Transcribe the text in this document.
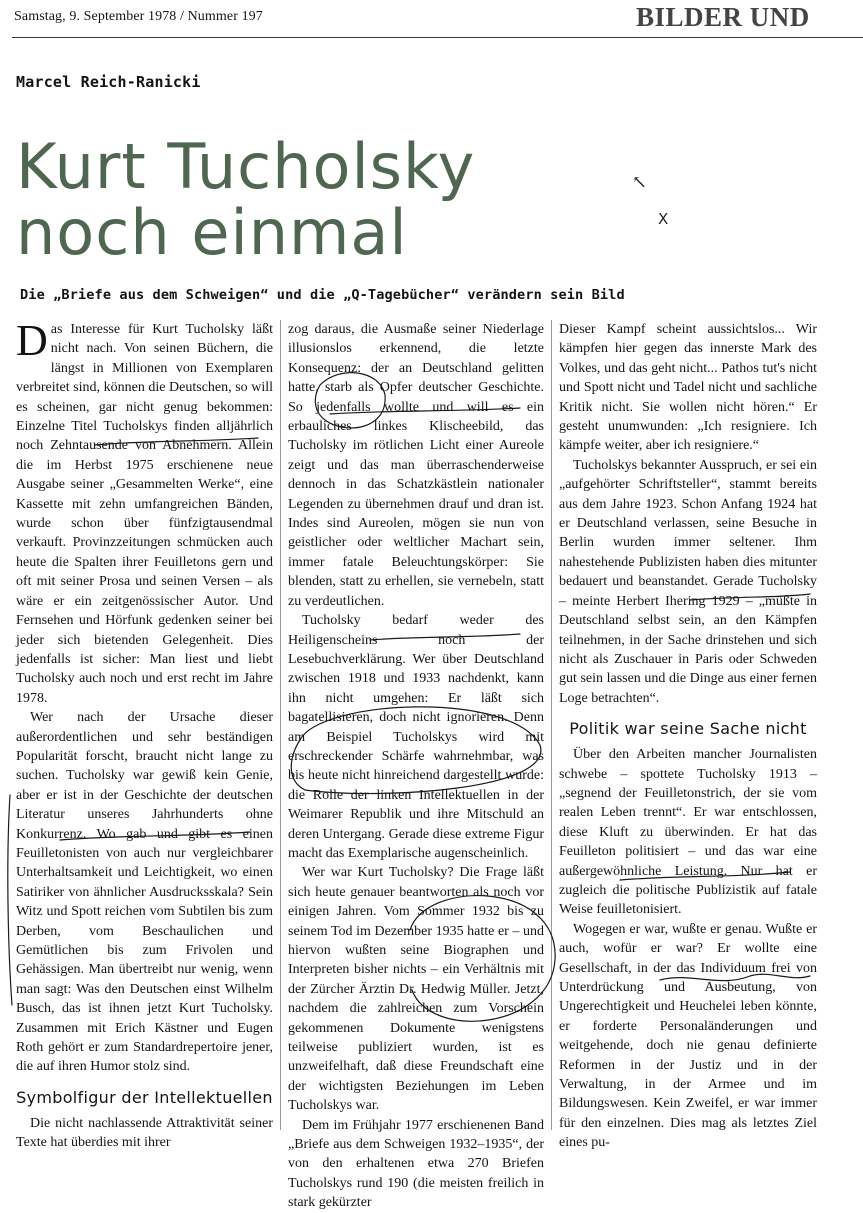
Samstag, 9. September 1978 / Nummer 197	BILDER UND
Marcel Reich-Ranicki
Kurt Tucholsky
noch einmal
Die „Briefe aus dem Schweigen“ und die „Q-Tagebücher“ verändern sein Bild

Das Interesse für Kurt Tucholsky läßt nicht nach. Von seinen Büchern, die längst in Millionen von Exemplaren verbreitet sind, können die Deutschen, so will es scheinen, gar nicht genug bekommen: Einzelne Titel Tucholskys finden alljährlich noch Zehntausende von Abnehmern. Allein die im Herbst 1975 erschienene neue Ausgabe seiner „Gesammelten Werke“, eine Kassette mit zehn umfangreichen Bänden, wurde schon über fünfzigtausendmal verkauft. Provinzzeitungen schmücken auch heute die Spalten ihrer Feuilletons gern und oft mit seiner Prosa und seinen Versen – als wäre er ein zeitgenössischer Autor. Und Fernsehen und Hörfunk gedenken seiner bei jeder sich bietenden Gelegenheit. Dies jedenfalls ist sicher: Man liest und liebt Tucholsky auch noch und erst recht im Jahre 1978.

Wer nach der Ursache dieser außerordentlichen und sehr beständigen Popularität forscht, braucht nicht lange zu suchen. Tucholsky war gewiß kein Genie, aber er ist in der Geschichte der deutschen Literatur unseres Jahrhunderts ohne Konkurrenz. Wo gab und gibt es einen Feuilletonisten von auch nur vergleichbarer Unterhaltsamkeit und Leichtigkeit, wo einen Satiriker von ähnlicher Ausdrucksskala? Sein Witz und Spott reichen vom Subtilen bis zum Derben, vom Beschaulichen und Gemütlichen bis zum Frivolen und Gehässigen. Man übertreibt nur wenig, wenn man sagt: Was den Deutschen einst Wilhelm Busch, das ist ihnen jetzt Kurt Tucholsky. Zusammen mit Erich Kästner und Eugen Roth gehört er zum Standardrepertoire jener, die auf ihren Humor stolz sind.

Symbolfigur der Intellektuellen

Die nicht nachlassende Attraktivität seiner Texte hat überdies mit ihrer

zog daraus, die Ausmaße seiner Niederlage illusionslos erkennend, die letzte Konsequenz: der an Deutschland gelitten hatte, starb als Opfer deutscher Geschichte. So jedenfalls wollte und will es ein erbauliches linkes Klischeebild, das Tucholsky im rötlichen Licht einer Aureole zeigt und das man überraschenderweise dennoch in das Schatzkästlein nationaler Legenden zu übernehmen drauf und dran ist. Indes sind Aureolen, mögen sie nun von geistlicher oder weltlicher Machart sein, immer fatale Beleuchtungskörper: Sie blenden, statt zu erhellen, sie vernebeln, statt zu verdeutlichen.

Tucholsky bedarf weder des Heiligenscheins noch der Lesebuchverklärung. Wer über Deutschland zwischen 1918 und 1933 nachdenkt, kann ihn nicht umgehen: Er läßt sich bagatellisieren, doch nicht ignorieren. Denn am Beispiel Tucholskys wird mit erschreckender Schärfe wahrnehmbar, was bis heute nicht hinreichend dargestellt wurde: die Rolle der linken Intellektuellen in der Weimarer Republik und ihre Mitschuld an deren Untergang. Gerade diese extreme Figur macht das Exemplarische augenscheinlich.

Wer war Kurt Tucholsky? Die Frage läßt sich heute genauer beantworten als noch vor einigen Jahren. Vom Sommer 1932 bis zu seinem Tod im Dezember 1935 hatte er – und hiervon wußten seine Biographen und Interpreten bisher nichts – ein Verhältnis mit der Zürcher Ärztin Dr. Hedwig Müller. Jetzt, nachdem die zahlreichen zum Vorschein gekommenen Dokumente wenigstens teilweise publiziert wurden, ist es unzweifelhaft, daß diese Freundschaft eine der wichtigsten Beziehungen im Leben Tucholskys war.

Dem im Frühjahr 1977 erschienenen Band „Briefe aus dem Schweigen 1932–1935“, der von den erhaltenen etwa 270 Briefen Tucholskys rund 190 (die meisten freilich in stark gekürzter

Dieser Kampf scheint aussichtslos... Wir kämpfen hier gegen das innerste Mark des Volkes, und das geht nicht... Pathos tut's nicht und Spott nicht und Tadel nicht und sachliche Kritik nicht. Sie wollen nicht hören.“ Er gesteht unumwunden: „Ich resigniere. Ich kämpfe weiter, aber ich resigniere.“

Tucholskys bekannter Ausspruch, er sei ein „aufgehörter Schriftsteller“, stammt bereits aus dem Jahre 1923. Schon Anfang 1924 hat er Deutschland verlassen, seine Besuche in Berlin wurden immer seltener. Ihm nahestehende Publizisten haben dies mitunter bedauert und beanstandet. Gerade Tucholsky – meinte Herbert Ihering 1929 – „müßte in Deutschland selbst sein, an den Kämpfen teilnehmen, in der Sache drinstehen und sich nicht als Zuschauer in Paris oder Schweden gut sein lassen und die Dinge aus einer fernen Loge betrachten“.

Politik war seine Sache nicht

Über den Arbeiten mancher Journalisten schwebe – spottete Tucholsky 1913 – „segnend der Feuilletonstrich, der sie vom realen Leben trennt“. Er war entschlossen, diese Kluft zu überwinden. Er hat das Feuilleton politisiert – und das war eine außergewöhnliche Leistung. Nur hat er zugleich die politische Publizistik auf fatale Weise feuilletonisiert.

Wogegen er war, wußte er genau. Wußte er auch, wofür er war? Er wollte eine Gesellschaft, in der das Individuum frei von Unterdrückung und Ausbeutung, von Ungerechtigkeit und Heuchelei leben könnte, er forderte Personaländerungen und weitgehende, doch nie genau definierte Reformen in der Justiz und in der Verwaltung, in der Armee und im Bildungswesen. Kein Zweifel, er war immer für den einzelnen. Dies mag als letztes Ziel eines pu-

↖
X
